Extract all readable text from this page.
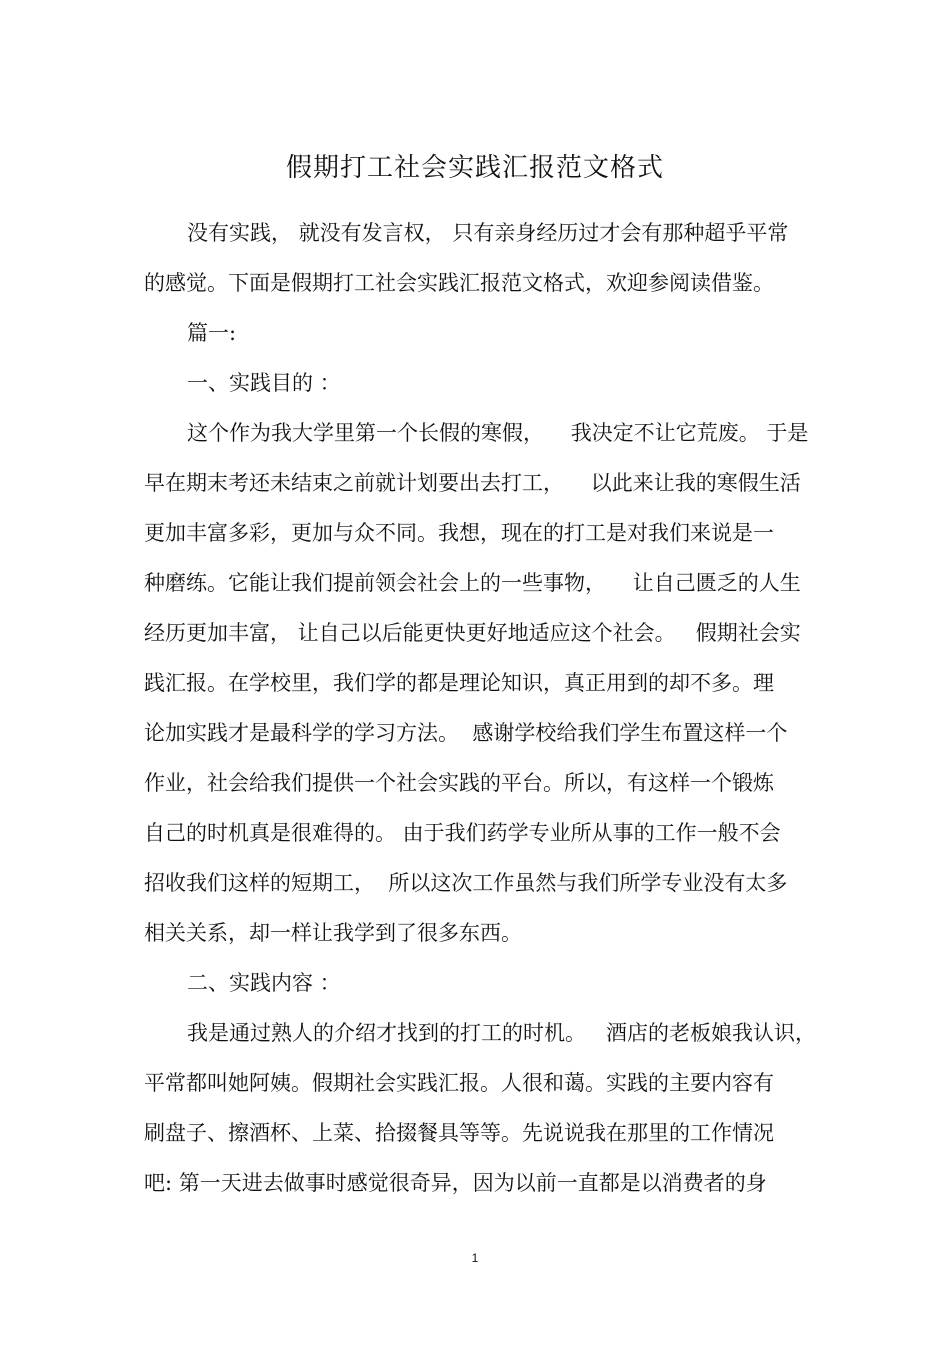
假期打工社会实践汇报范文格式
没有实践， 就没有发言权， 只有亲身经历过才会有那种超乎平常
的感觉。下面是假期打工社会实践汇报范文格式，欢迎参阅读借鉴。
篇一:
一、实践目的 ：
这个作为我大学里第一个长假的寒假，    我决定不让它荒废。 于是
早在期末考还未结束之前就计划要出去打工，    以此来让我的寒假生活
更加丰富多彩，更加与众不同。我想，现在的打工是对我们来说是一
种磨练。它能让我们提前领会社会上的一些事物，    让自己匮乏的人生
经历更加丰富， 让自己以后能更快更好地适应这个社会。   假期社会实
践汇报。在学校里，我们学的都是理论知识，真正用到的却不多。理
论加实践才是最科学的学习方法。  感谢学校给我们学生布置这样一个
作业，社会给我们提供一个社会实践的平台。所以，有这样一个锻炼
自己的时机真是很难得的。 由于我们药学专业所从事的工作一般不会
招收我们这样的短期工，  所以这次工作虽然与我们所学专业没有太多
相关关系，却一样让我学到了很多东西。
二、实践内容 ：
我是通过熟人的介绍才找到的打工的时机。   酒店的老板娘我认识，
平常都叫她阿姨。假期社会实践汇报。人很和蔼。实践的主要内容有
刷盘子、擦酒杯、上菜、拾掇餐具等等。先说说我在那里的工作情况
吧: 第一天进去做事时感觉很奇异，因为以前一直都是以消费者的身
1
